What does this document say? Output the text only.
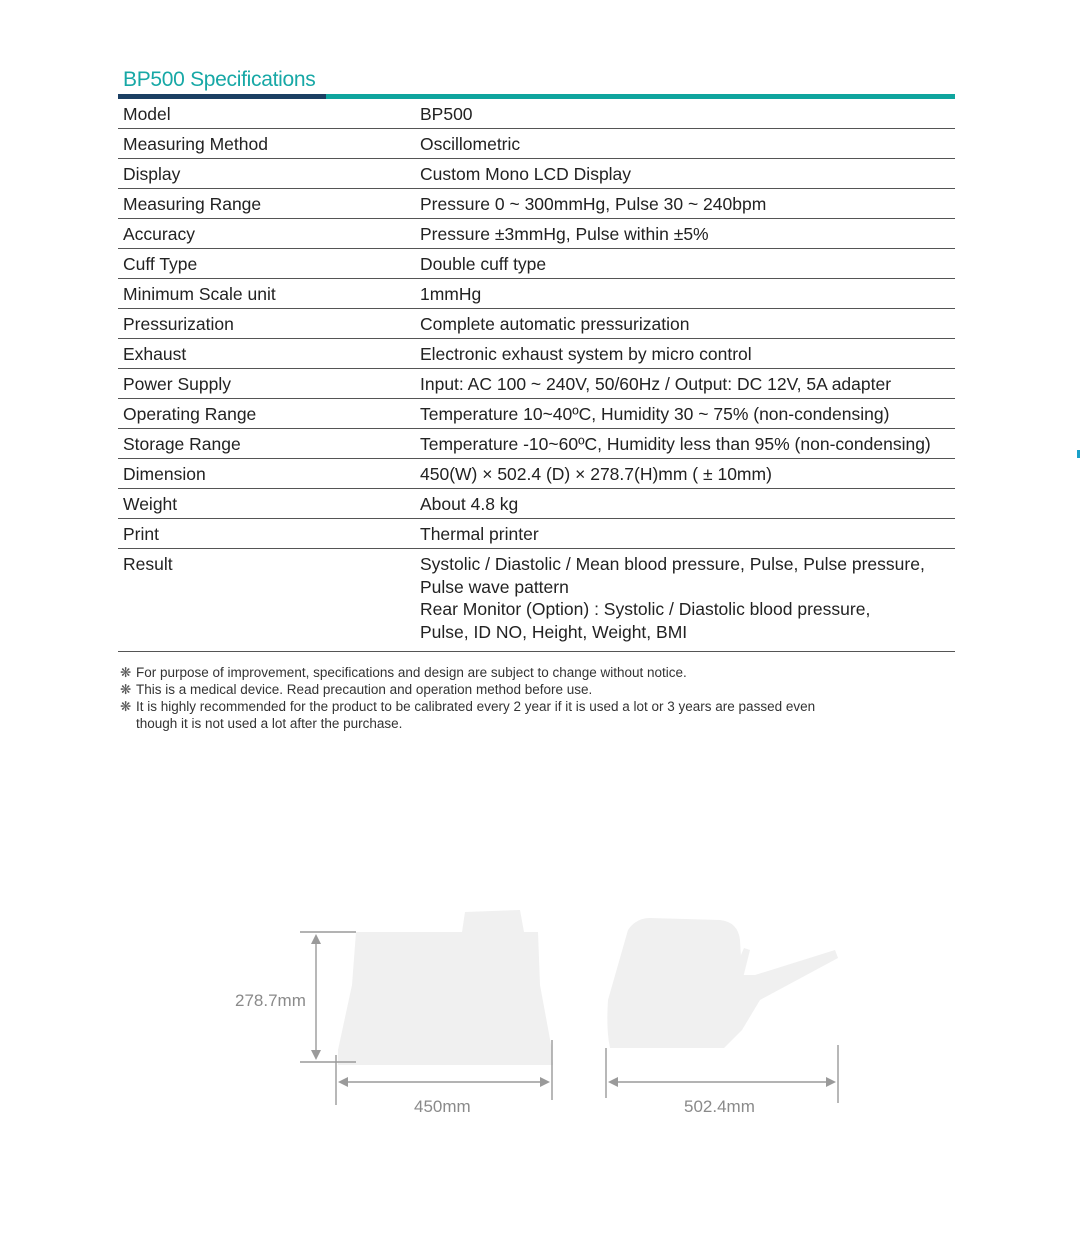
BP500 Specifications
Model	BP500
Measuring Method	Oscillometric
Display	Custom Mono LCD Display
Measuring Range	Pressure 0 ~ 300mmHg, Pulse 30 ~ 240bpm
Accuracy	Pressure ±3mmHg, Pulse within ±5%
Cuff Type	Double cuff type
Minimum Scale unit	1mmHg
Pressurization	Complete automatic pressurization
Exhaust	Electronic exhaust system by micro control
Power Supply	Input: AC 100 ~ 240V, 50/60Hz / Output: DC 12V, 5A adapter
Operating Range	Temperature 10~40ºC, Humidity 30 ~ 75% (non-condensing)
Storage Range	Temperature -10~60ºC, Humidity less than 95% (non-condensing)
Dimension	450(W) × 502.4 (D) × 278.7(H)mm ( ± 10mm)
Weight	About 4.8 kg
Print	Thermal printer
Result	Systolic / Diastolic / Mean blood pressure, Pulse, Pulse pressure,
Pulse wave pattern
Rear Monitor (Option) : Systolic / Diastolic blood pressure,
Pulse, ID NO, Height, Weight, BMI
❋ For purpose of improvement, specifications and design are subject to change without notice.
❋ This is a medical device. Read precaution and operation method before use.
❋ It is highly recommended for the product to be calibrated every 2 year if it is used a lot or 3 years are passed even
though it is not used a lot after the purchase.
278.7mm
450mm	502.4mm
